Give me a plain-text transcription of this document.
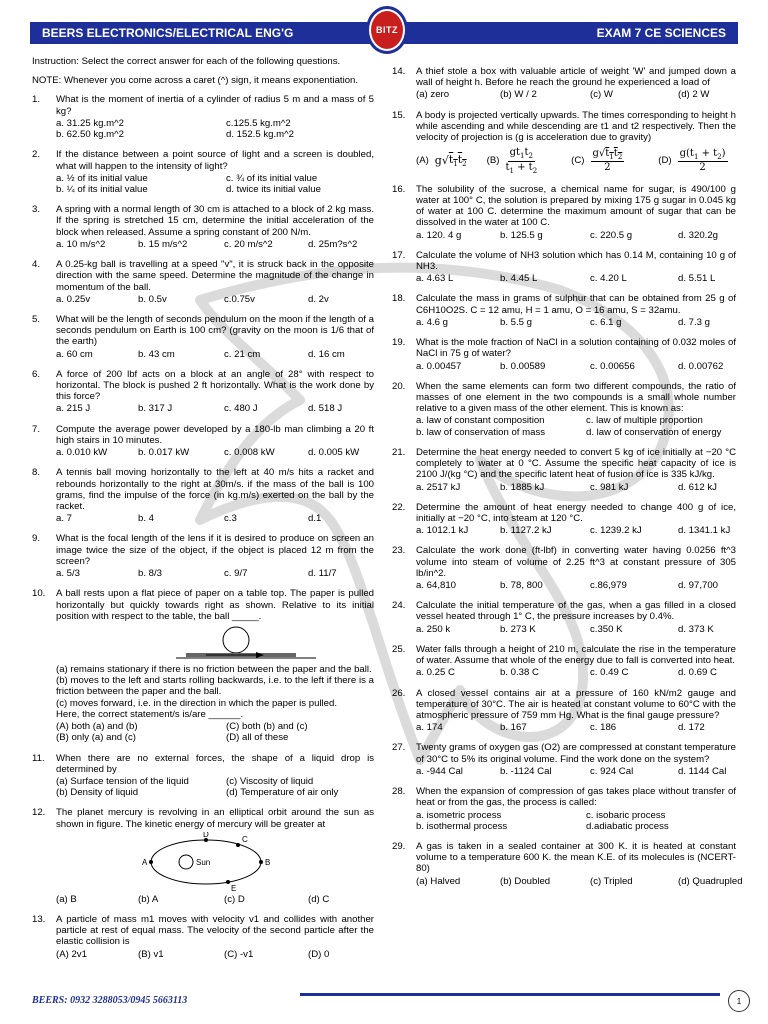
BEERS ELECTRONICS/ELECTRICAL ENG'G	EXAM 7 CE SCIENCES
BITZ

Instruction: Select the correct answer for each of the following questions.

NOTE: Whenever you come across a caret (^) sign, it means exponentiation.

1. What is the moment of inertia of a cylinder of radius 5 m and a mass of 5 kg?

a. 31.25 kg.m^2	c.125.5 kg.m^2
b. 62.50 kg.m^2	d. 152.5 kg.m^2
2. If the distance between a point source of light and a screen is doubled, what will happen to the intensity of light?

a. ½ of its initial value	c. ¾ of its initial value
b. ¼ of its initial value	d. twice its initial value
3. A spring with a normal length of 30 cm is attached to a block of 2 kg mass. If the spring is stretched 15 cm, determine the initial acceleration of the block when released. Assume a spring constant of 200 N/m.

a. 10 m/s^2	b. 15 m/s^2	c. 20 m/s^2	d. 25m?s^2
4. A 0.25-kg ball is travelling at a speed "v", it is struck back in the opposite direction with the same speed. Determine the magnitude of the change in momentum of the ball.

a. 0.25v	b. 0.5v	c.0.75v	d. 2v
5. What will be the length of seconds pendulum on the moon if the length of a seconds pendulum on Earth is 100 cm? (gravity on the moon is 1/6 that of the earth)

a. 60 cm	b. 43 cm	c. 21 cm	d. 16 cm
6. A force of 200 lbf acts on a block at an angle of 28° with respect to horizontal. The block is pushed 2 ft horizontally. What is the work done by this force?

a. 215 J	b. 317 J	c. 480 J	d. 518 J
7. Compute the average power developed by a 180-lb man climbing a 20 ft high stairs in 10 minutes.

a. 0.010 kW	b. 0.017 kW	c. 0.008 kW	d. 0.005 kW
8. A tennis ball moving horizontally to the left at 40 m/s hits a racket and rebounds horizontally to the right at 30m/s. if the mass of the ball is 100 grams, find the impulse of the force (in kg.m/s) exerted on the ball by the racket.

a. 7	b. 4	c.3	d.1
9. What is the focal length of the lens if it is desired to produce on screen an image twice the size of the object, if the object is placed 12 m from the screen?

a. 5/3	b. 8/3	c. 9/7	d. 11/7
10. A ball rests upon a flat piece of paper on a table top. The paper is pulled horizontally but quickly towards right as shown. Relative to its initial position with respect to the table, the ball _____.

(a) remains stationary if there is no friction between the paper and the ball.

(b) moves to the left and starts rolling backwards, i.e. to the left if there is a friction between the paper and the ball.

(c) moves forward, i.e. in the direction in which the paper is pulled.

Here, the correct statement/s is/are ______.

(A) both (a) and (b)	(C) both (b) and (c)
(B) only (a) and (c)	(D) all of these
11. When there are no external forces, the shape of a liquid drop is determined by

(a) Surface tension of the liquid	(c) Viscosity of liquid
(b) Density of liquid	(d) Temperature of air only
12. The planet mercury is revolving in an elliptical orbit around the sun as shown in figure. The kinetic energy of mercury will be greater at

Sun
A	B
C
D
E
(a) B	(b) A	(c) D	(d) C
13. A particle of mass m1 moves with velocity v1 and collides with another particle at rest of equal mass. The velocity of the second particle after the elastic collision is

(A) 2v1	(B) v1	(C) -v1	(D) 0
14. A thief stole a box with valuable article of weight 'W' and jumped down a wall of height h. Before he reach the ground he experienced a load of

(a) zero	(b) W / 2	(c) W	(d) 2 W
15. A body is projected vertically upwards. The times corresponding to height h while ascending and while descending are t1 and t2 respectively. Then the velocity of projection is (g is acceleration due to gravity)

(A) g√ $t_1t_2$ $(B) \frac{gt_1t_2}{t_1 + t_2}$	$(C) \frac{g√t_1t_2}{2}$	$(D) \frac{g(t_1 + t_2)}{2}$
16. The solubility of the sucrose, a chemical name for sugar, is 490/100 g water at 100° C, the solution is prepared by mixing 175 g sugar in 0.045 kg of water at 100 C. determine the maximum amount of sugar that can be dissolved in the water at 100 C.

a. 120. 4 g	b. 125.5 g	c. 220.5 g	d. 320.2g
17. Calculate the volume of NH3 solution which has 0.14 M, containing 10 g of NH3.

a. 4.63 L	b. 4.45 L	c. 4.20 L	d. 5.51 L
18. Calculate the mass in grams of sulphur that can be obtained from 25 g of C6H10O2S. C = 12 amu, H = 1 amu, O = 16 amu, S = 32amu.

a. 4.6 g	b. 5.5 g	c. 6.1 g	d. 7.3 g
19. What is the mole fraction of NaCl in a solution containing of 0.032 moles of NaCl in 75 g of water?

a. 0.00457	b. 0.00589	c. 0.00656	d. 0.00762
20. When the same elements can form two different compounds, the ratio of masses of one element in the two compounds is a small whole number relative to a given mass of the other element. This is known as:

a. law of constant composition	c. law of multiple proportion
b. law of conservation of mass	d. law of conservation of energy
21. Determine the heat energy needed to convert 5 kg of ice initially at −20 °C completely to water at 0 °C. Assume the specific heat capacity of ice is 2100 J/(kg °C) and the specific latent heat of fusion of ice is 335 kJ/kg.

a. 2517 kJ	b. 1885 kJ	c. 981 kJ	d. 612 kJ
22. Determine the amount of heat energy needed to change 400 g of ice, initially at −20 °C, into steam at 120 °C.

a. 1012.1 kJ	b. 1127.2 kJ	c. 1239.2 kJ	d. 1341.1 kJ
23. Calculate the work done (ft-lbf) in converting water having 0.0256 ft^3 volume into steam of volume of 2.25 ft^3 at constant pressure of 305 lb/in^2.

a. 64,810	b. 78, 800	c.86,979	d. 97,700
24. Calculate the initial temperature of the gas, when a gas filled in a closed vessel heated through 1° C, the pressure increases by 0.4%.

a. 250 k	b. 273 K	c.350 K	d. 373 K
25. Water falls through a height of 210 m, calculate the rise in the temperature of water. Assume that whole of the energy due to fall is converted into heat.

a. 0.25 C	b. 0.38 C	c. 0.49 C	d. 0.69 C
26. A closed vessel contains air at a pressure of 160 kN/m2 gauge and temperature of 30°C. The air is heated at constant volume to 60°C with the atmospheric pressure of 759 mm Hg. What is the final gauge pressure?

a. 174	b. 167	c. 186	d. 172
27. Twenty grams of oxygen gas (O2) are compressed at constant temperature of 30°C to 5% its original volume. Find the work done on the system?

a. -944 Cal	b. -1124 Cal	c. 924 Cal	d. 1144 Cal
28. When the expansion of compression of gas takes place without transfer of heat or from the gas, the process is called:

a. isometric process	c. isobaric process
b. isothermal process	d.adiabatic process
29. A gas is taken in a sealed container at 300 K. it is heated at constant volume to a temperature 600 K. the mean K.E. of its molecules is (NCERT-80)

(a) Halved	(b) Doubled	(c) Tripled	(d) Quadrupled
BEERS: 0932 3288053/0945 5663113	1
